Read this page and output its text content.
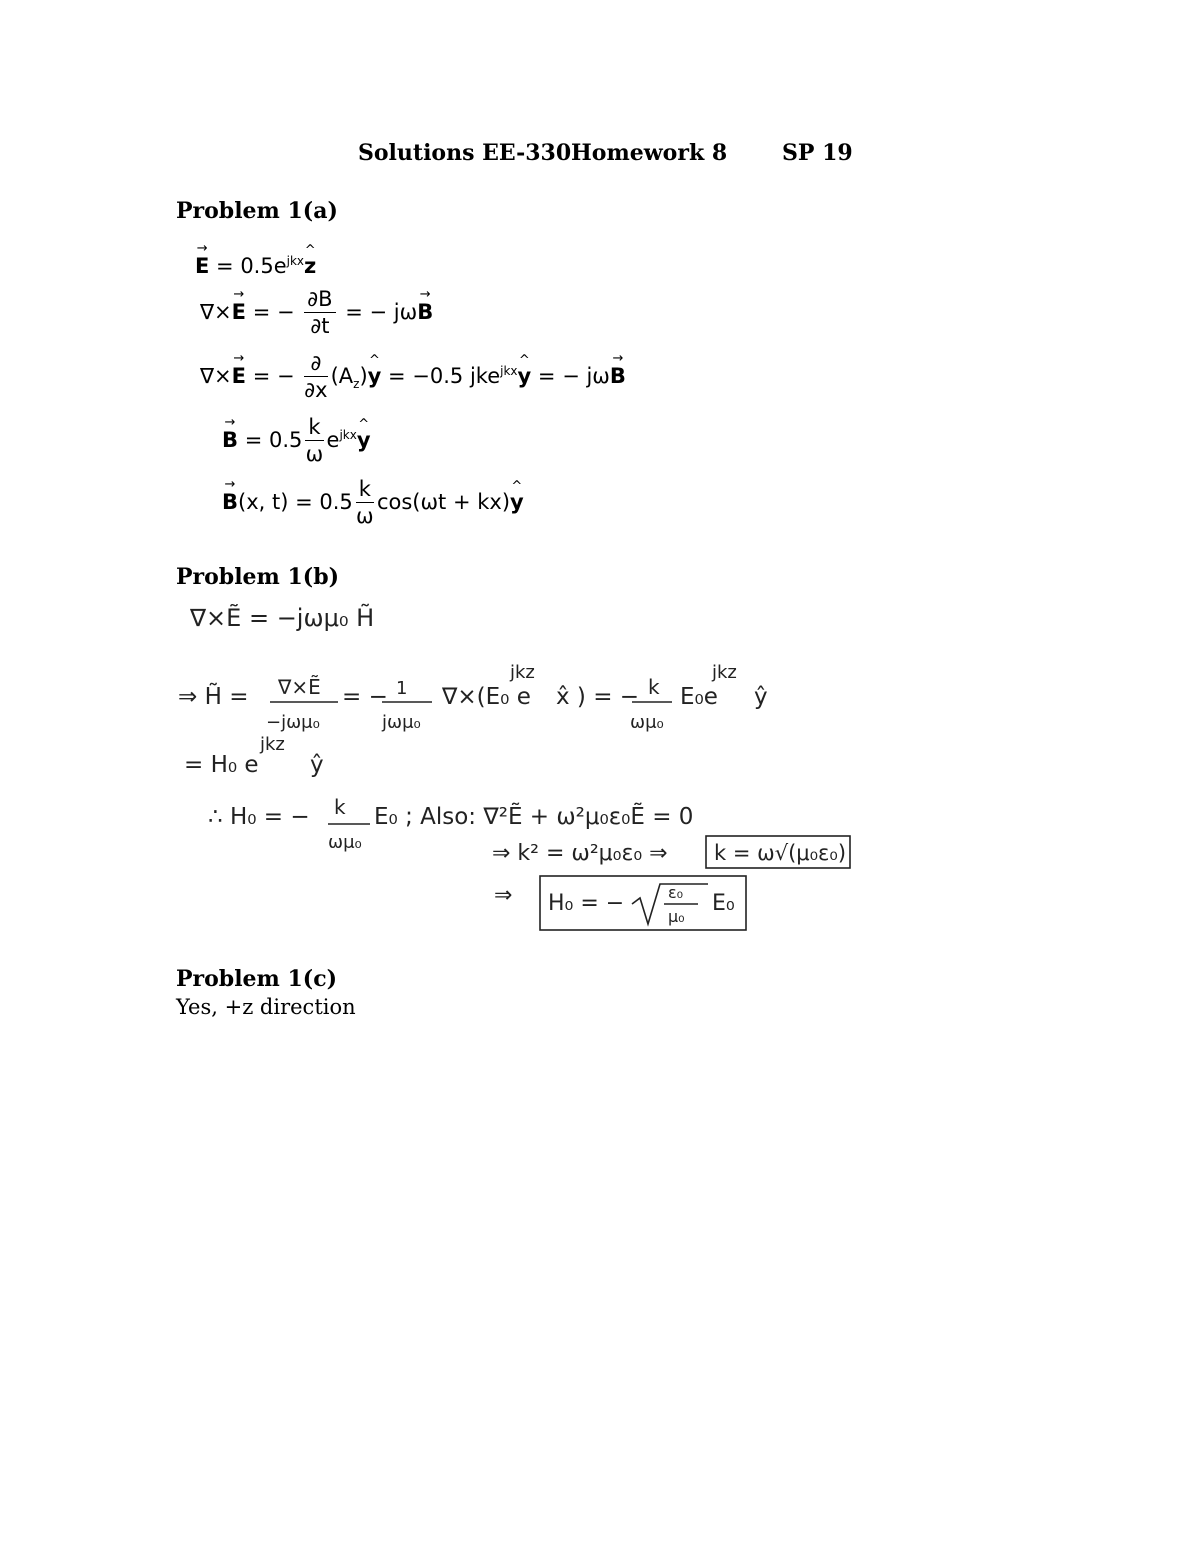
Solutions EE-330 Homework 8 SP 19
Problem 1(a)
→ $E = 0.5e^{jkx}\^{}$ z
∇×→ E = − $\frac{\partial B}{\partial t}$ = − jω→ B
∇×→ E = − $\frac{\partial}{\partial x}$ $(A_z)\^{}$ y = −0.5 jke$^{jkx}$^ y = − jω→ B
→ $B = 0.5 \frac{k}{\omega}$ $e^{jkx}\^{}$ y
→ B(x, $t) = 0.5 \frac{k}{\omega} \cos(\omega t$ + kx)^ y
Problem 1(b)
∇×Ẽ = −jωμ₀ H̃
⇒ H̃ = ∇×Ẽ
−jωμ₀
= − 1
jωμ₀
∇×(E₀ e
jkz
x̂ ) = − k
ωμ₀
E₀e
jkz
ŷ
= H₀ e
jkz
ŷ
∴ H₀ = − k
ωμ₀
E₀ ; Also: ∇²Ẽ + ω²μ₀ε₀Ẽ = 0
⇒ k² = ω²μ₀ε₀ ⇒ k = ω√(μ₀ε₀)
⇒ H₀ = −	ε₀
μ₀
E₀
Problem 1(c)
Yes, +z direction
